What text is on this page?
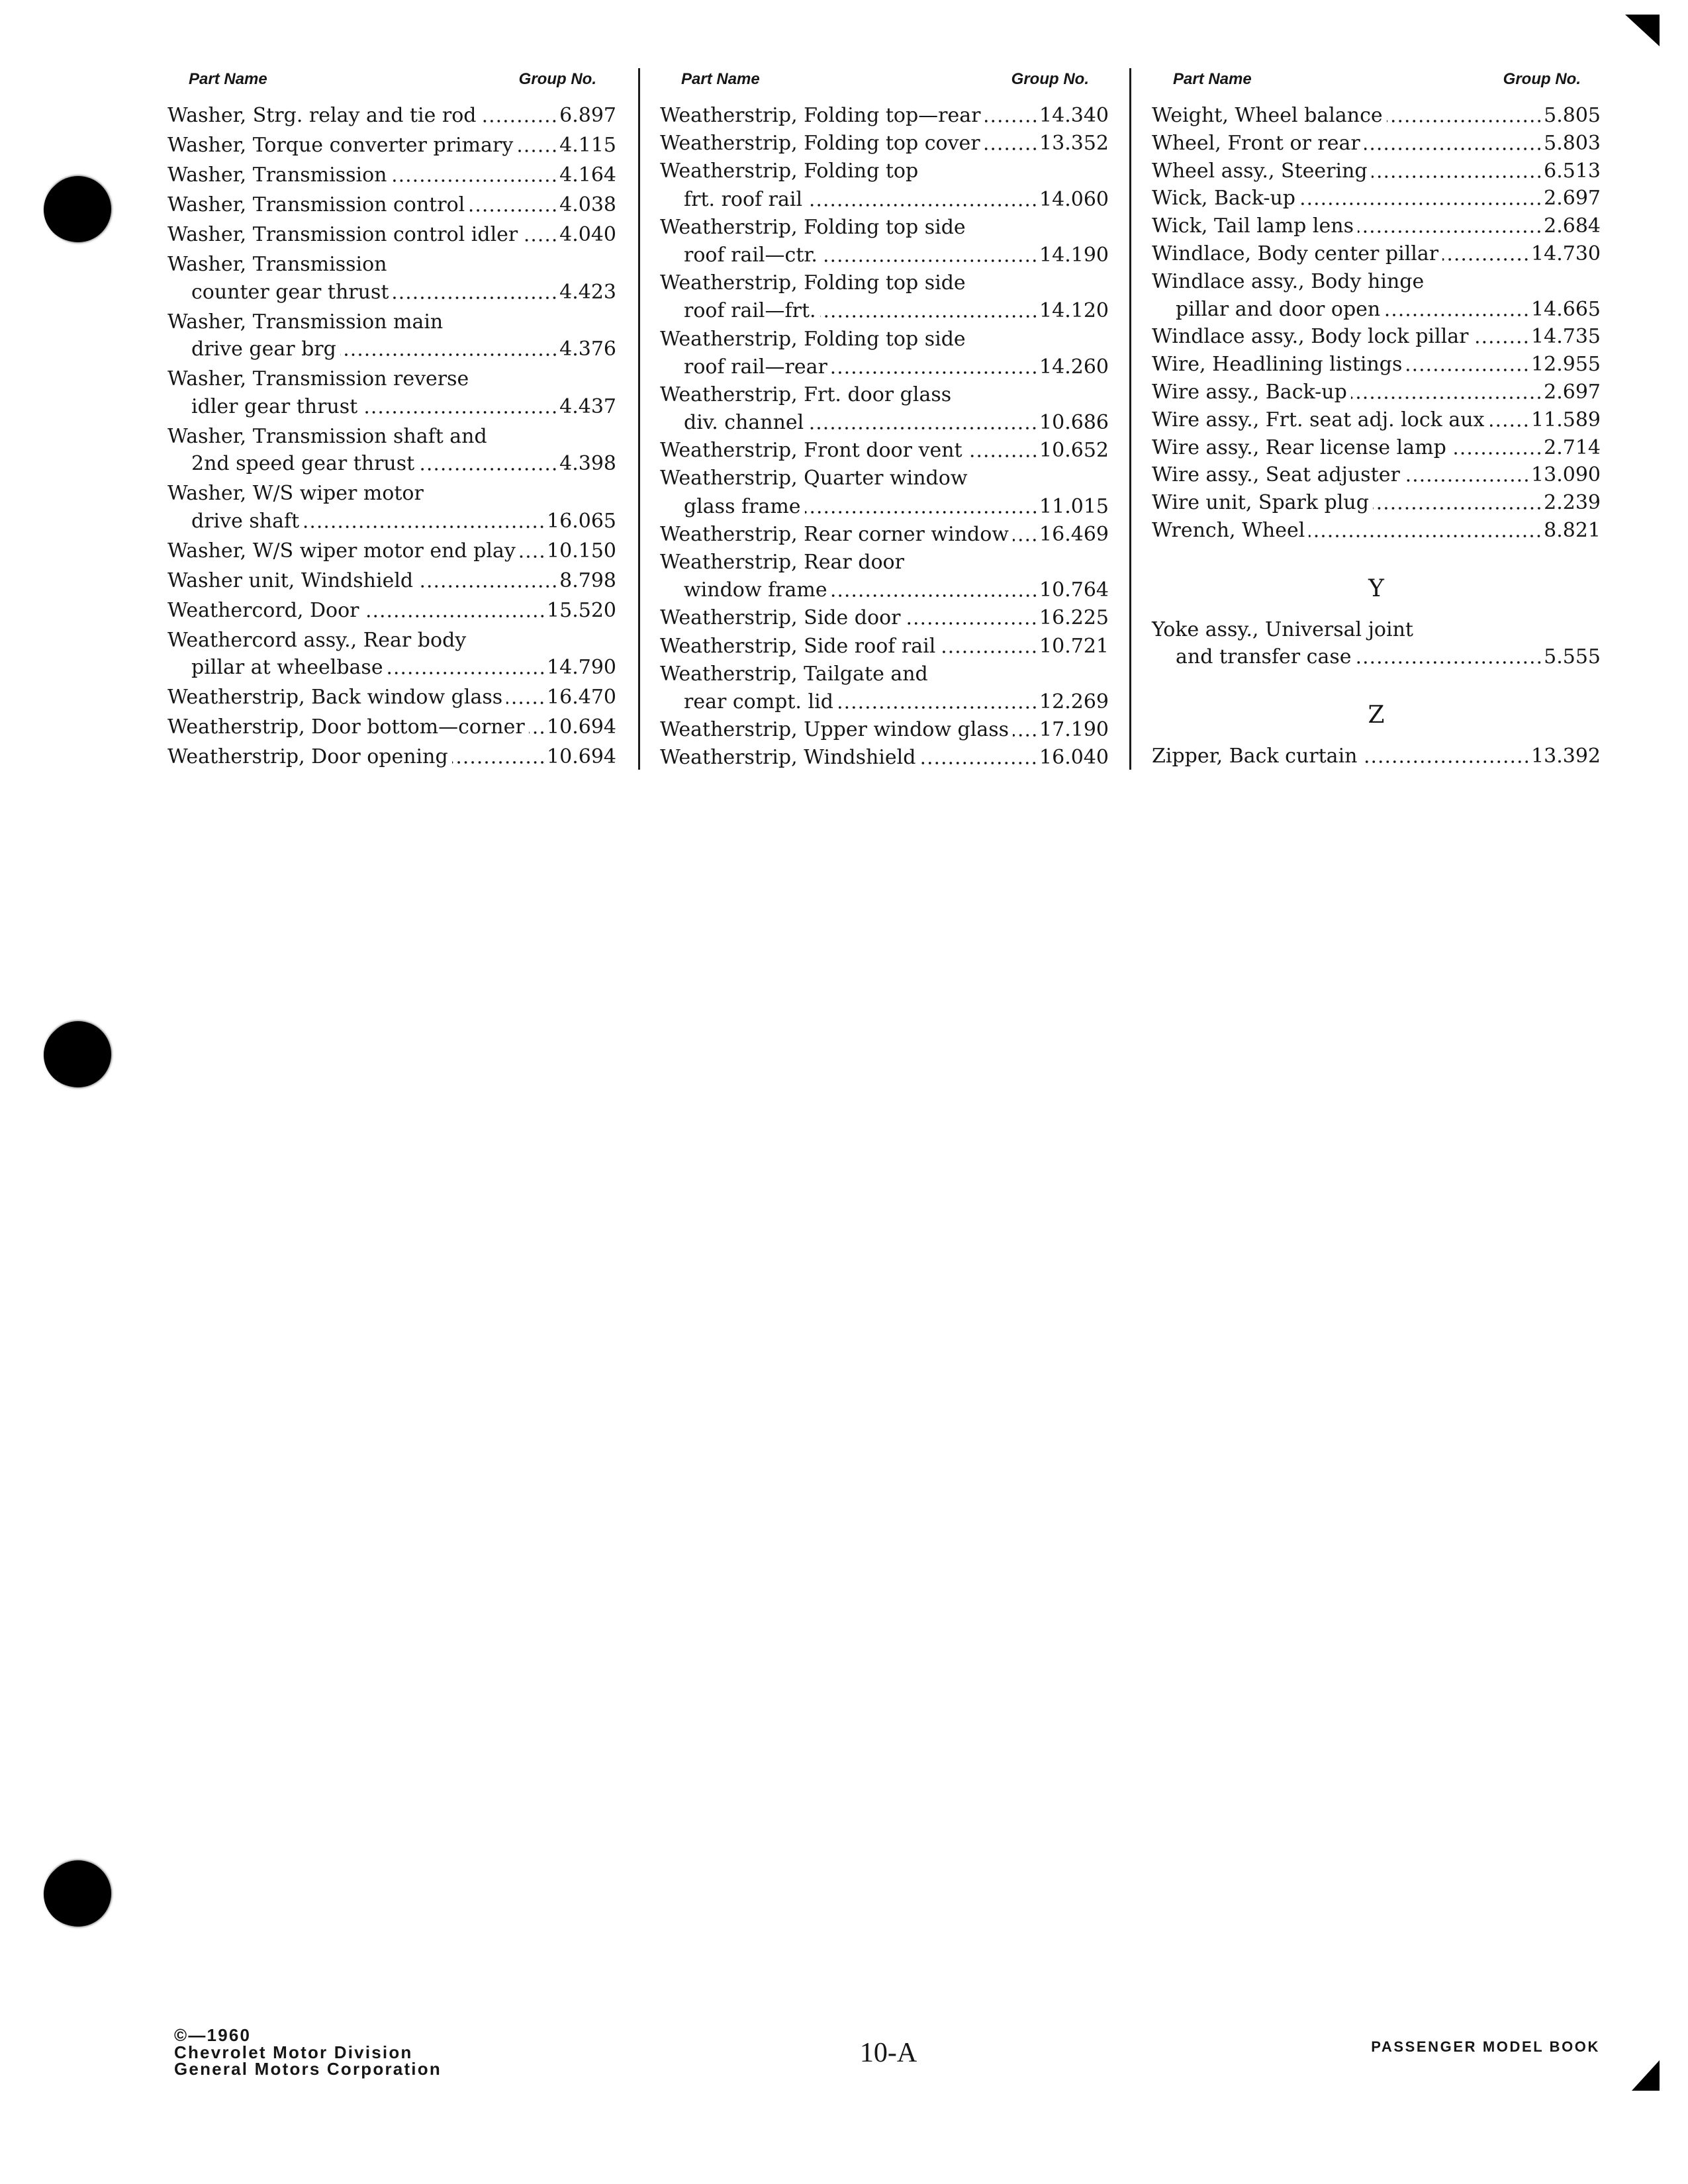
Part Name	Group No.
Washer, Strg. relay and tie rod	6.897
Washer, Torque converter primary 4.115
Washer, Transmission	4.164
Washer, Transmission control	4.038
Washer, Transmission control idler 4.040
Washer, Transmission
counter gear thrust	4.423
Washer, Transmission main
drive gear brg	4.376
Washer, Transmission reverse
idler gear thrust	4.437
Washer, Transmission shaft and
2nd speed gear thrust	4.398
Washer, W/S wiper motor
drive shaft	16.065
Washer, W/S wiper motor end play 10.150
Washer unit, Windshield	8.798
Weathercord, Door	15.520
Weathercord assy., Rear body
pillar at wheelbase	14.790
Weatherstrip, Back window glass 16.470
Weatherstrip, Door bottom—corner 10.694
Weatherstrip, Door opening	10.694
Part Name	Group No.
Weatherstrip, Folding top—rear	14.340
Weatherstrip, Folding top cover	13.352
Weatherstrip, Folding top
frt. roof rail	14.060
Weatherstrip, Folding top side
roof rail—ctr.	14.190
Weatherstrip, Folding top side
roof rail—frt.	14.120
Weatherstrip, Folding top side
roof rail—rear	14.260
Weatherstrip, Frt. door glass
div. channel	10.686
Weatherstrip, Front door vent	10.652
Weatherstrip, Quarter window
glass frame	11.015
Weatherstrip, Rear corner window 16.469
Weatherstrip, Rear door
window frame	10.764
Weatherstrip, Side door	16.225
Weatherstrip, Side roof rail	10.721
Weatherstrip, Tailgate and
rear compt. lid	12.269
Weatherstrip, Upper window glass 17.190
Weatherstrip, Windshield	16.040
Part Name	Group No.
Weight, Wheel balance	5.805
Wheel, Front or rear	5.803
Wheel assy., Steering	6.513
Wick, Back-up	2.697
Wick, Tail lamp lens	2.684
Windlace, Body center pillar	14.730
Windlace assy., Body hinge
pillar and door open	14.665
Windlace assy., Body lock pillar	14.735
Wire, Headlining listings	12.955
Wire assy., Back-up	2.697
Wire assy., Frt. seat adj. lock aux 11.589
Wire assy., Rear license lamp	2.714
Wire assy., Seat adjuster	13.090
Wire unit, Spark plug	2.239
Wrench, Wheel	8.821
Y
Yoke assy., Universal joint
and transfer case	5.555
Z
Zipper, Back curtain	13.392
©—1960
Chevrolet Motor Division
General Motors Corporation
10-A	PASSENGER MODEL BOOK
